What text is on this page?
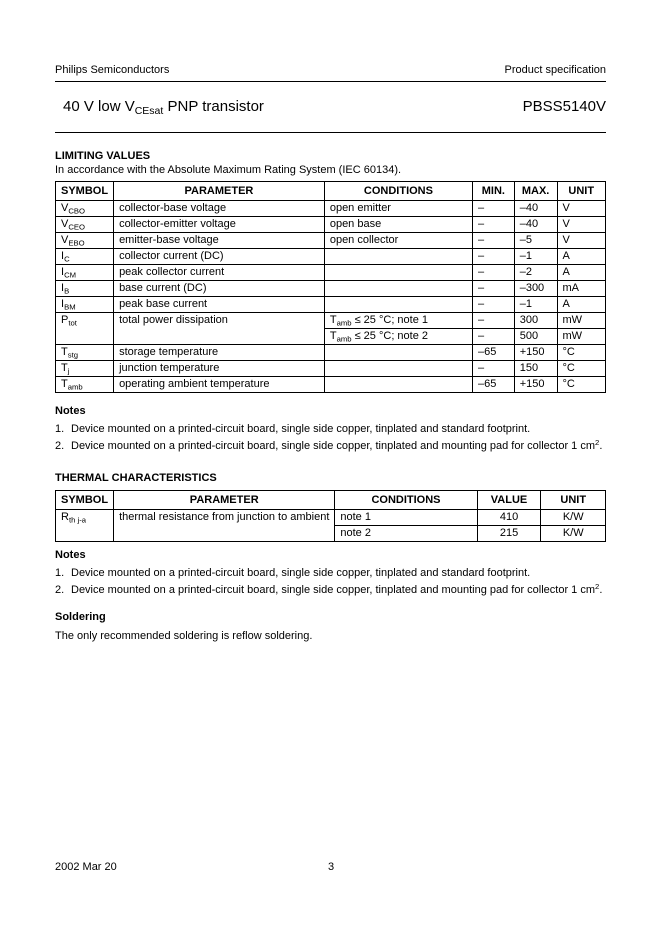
Philips Semiconductors	Product specification
40 V low $V_{CEsat}$ PNP transistor	PBSS5140V
LIMITING VALUES
In accordance with the Absolute Maximum Rating System (IEC 60134).
SYMBOL	PARAMETER	CONDITIONS	MIN.	MAX.	UNIT
$V_{CBO}$	collector-base voltage	open emitter	–	–40	V
$V_{CEO}$	collector-emitter voltage	open base	–	–40	V
$V_{EBO}$	emitter-base voltage	open collector	–	–5	V
$I_C$	collector current (DC)		–	–1	A
$I_{CM}$	peak collector current		–	–2	A
$I_B$	base current (DC)		–	–300	mA
$I_{BM}$	peak base current		–	–1	A
$P_{tot}$	total power dissipation	$T_{amb} \le 25$ °C; note 1	–	300	mW
		$T_{amb} \le 25$ °C; note 2	–	500	mW
$T_{stg}$	storage temperature		–65	+150	°C
$T_j$	junction temperature		–	150	°C
$T_{amb}$	operating ambient temperature		–65	+150	°C
Notes
1. Device mounted on a printed-circuit board, single side copper, tinplated and standard footprint.
2. Device mounted on a printed-circuit board, single side copper, tinplated and mounting pad for collector 1 $cm^2$.
THERMAL CHARACTERISTICS
SYMBOL	PARAMETER	CONDITIONS	VALUE	UNIT
$R_{th j-a}$	thermal resistance from junction to ambient	note 1	410	K/W
		note 2	215	K/W
Notes
1. Device mounted on a printed-circuit board, single side copper, tinplated and standard footprint.
2. Device mounted on a printed-circuit board, single side copper, tinplated and mounting pad for collector 1 $cm^2$.
Soldering
The only recommended soldering is reflow soldering.
2002 Mar 20	3
